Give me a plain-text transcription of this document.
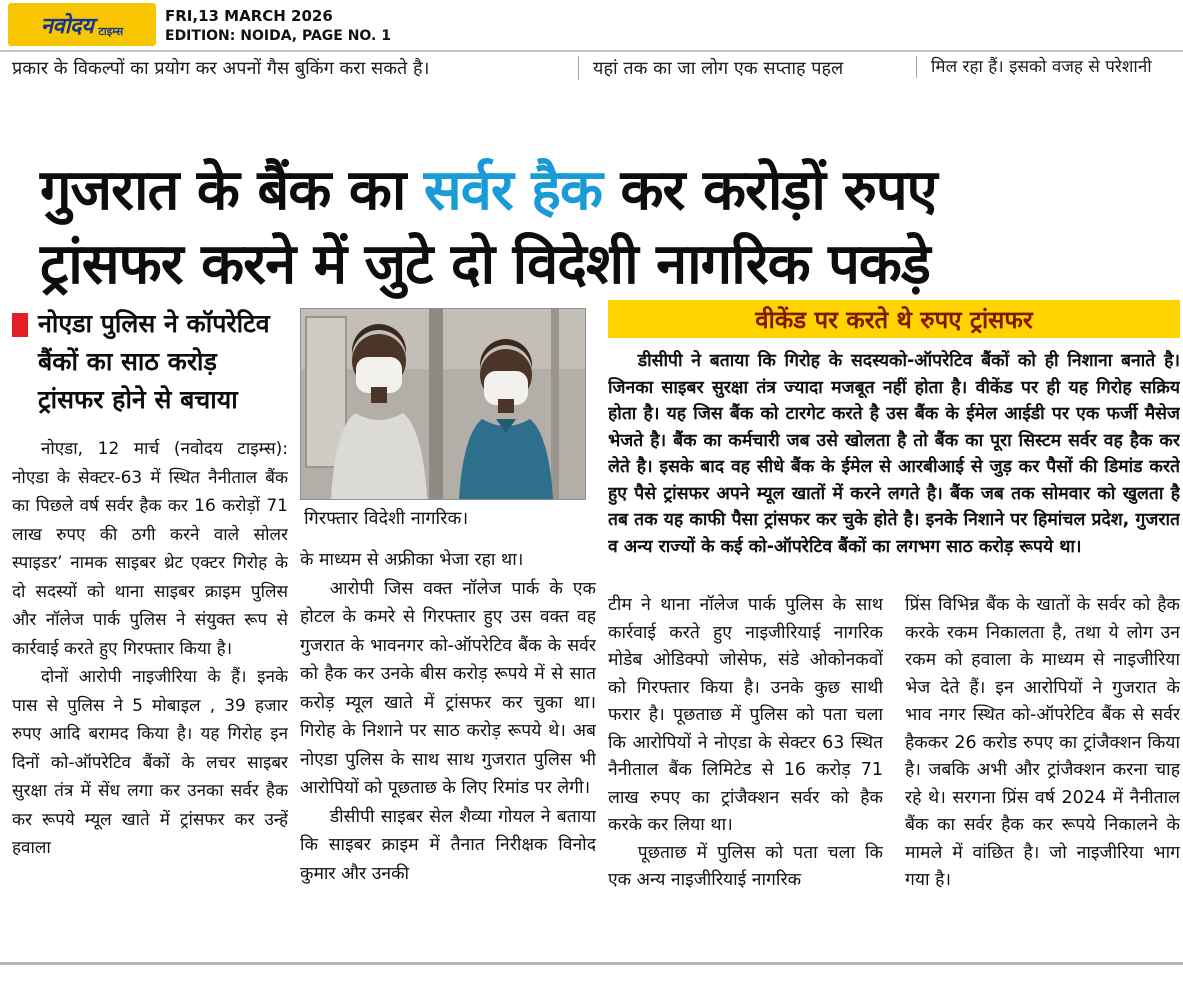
नवोदय टाइम्स
FRI,13 MARCH 2026
EDITION: NOIDA, PAGE NO. 1
प्रकार के विकल्पों का प्रयोग कर अपनों गैस बुकिंग करा सकते है।	यहां तक का जा लोग एक सप्ताह पहल	मिल रहा हैं। इसको वजह से परेशानी
गुजरात के बैंक का सर्वर हैक कर करोड़ों रुपए
ट्रांसफर करने में जुटे दो विदेशी नागरिक पकड़े
नोएडा पुलिस ने कॉपरेटिव बैंकों का साठ करोड़ ट्रांसफर होने से बचाया

नोएडा, 12 मार्च (नवोदय टाइम्स): नोएडा के सेक्टर-63 में स्थित नैनीताल बैंक का पिछले वर्ष सर्वर हैक कर 16 करोड़ों 71 लाख रुपए की ठगी करने वाले सोलर स्पाइडर’ नामक साइबर थ्रेट एक्टर गिरोह के दो सदस्यों को थाना साइबर क्राइम पुलिस और नॉलेज पार्क पुलिस ने संयुक्त रूप से कार्रवाई करते हुए गिरफ्तार किया है।

दोनों आरोपी नाइजीरिया के हैं। इनके पास से पुलिस ने 5 मोबाइल , 39 हजार रुपए आदि बरामद किया है। यह गिरोह इन दिनों को-ऑपरेटिव बैंकों के लचर साइबर सुरक्षा तंत्र में सेंध लगा कर उनका सर्वर हैक कर रूपये म्यूल खाते में ट्रांसफर कर उन्हें हवाला

गिरफ्तार विदेशी नागरिक।

के माध्यम से अफ्रीका भेजा रहा था।

आरोपी जिस वक्त नॉलेज पार्क के एक होटल के कमरे से गिरफ्तार हुए उस वक्त वह गुजरात के भावनगर को-ऑपरेटिव बैंक के सर्वर को हैक कर उनके बीस करोड़ रूपये में से सात करोड़ म्यूल खाते में ट्रांसफर कर चुका था। गिरोह के निशाने पर साठ करोड़ रूपये थे। अब नोएडा पुलिस के साथ साथ गुजरात पुलिस भी आरोपियों को पूछताछ के लिए रिमांड पर लेगी।

डीसीपी साइबर सेल शैव्या गोयल ने बताया कि साइबर क्राइम में तैनात निरीक्षक विनोद कुमार और उनकी

वीकेंड पर करते थे रुपए ट्रांसफर

डीसीपी ने बताया कि गिरोह के सदस्यको-ऑपरेटिव बैंकों को ही निशाना बनाते है। जिनका साइबर सुरक्षा तंत्र ज्यादा मजबूत नहीं होता है। वीकेंड पर ही यह गिरोह सक्रिय होता है। यह जिस बैंक को टारगेट करते है उस बैंक के ईमेल आईडी पर एक फर्जी मैसेज भेजते है। बैंक का कर्मचारी जब उसे खोलता है तो बैंक का पूरा सिस्टम सर्वर वह हैक कर लेते है। इसके बाद वह सीधे बैंक के ईमेल से आरबीआई से जुड़ कर पैसों की डिमांड करते हुए पैसे ट्रांसफर अपने म्यूल खातों में करने लगते है। बैंक जब तक सोमवार को खुलता है तब तक यह काफी पैसा ट्रांसफर कर चुके होते है। इनके निशाने पर हिमांचल प्रदेश, गुजरात व अन्य राज्यों के कई को-ऑपरेटिव बैंकों का लगभग साठ करोड़ रूपये था।

टीम ने थाना नॉलेज पार्क पुलिस के साथ कार्रवाई करते हुए नाइजीरियाई नागरिक मोडेब ओडिक्पो जोसेफ, संडे ओकोनकवों को गिरफ्तार किया है। उनके कुछ साथी फरार है। पूछताछ में पुलिस को पता चला कि आरोपियों ने नोएडा के सेक्टर 63 स्थित नैनीताल बैंक लिमिटेड से 16 करोड़ 71 लाख रुपए का ट्रांजैक्शन सर्वर को हैक करके कर लिया था।

पूछताछ में पुलिस को पता चला कि एक अन्य नाइजीरियाई नागरिक

प्रिंस विभिन्न बैंक के खातों के सर्वर को हैक करके रकम निकालता है, तथा ये लोग उन रकम को हवाला के माध्यम से नाइजीरिया भेज देते हैं। इन आरोपियों ने गुजरात के भाव नगर स्थित को-ऑपरेटिव बैंक से सर्वर हैककर 26 करोड रुपए का ट्रांजैक्शन किया है। जबकि अभी और ट्रांजैक्शन करना चाह रहे थे। सरगना प्रिंस वर्ष 2024 में नैनीताल बैंक का सर्वर हैक कर रूपये निकालने के मामले में वांछित है। जो नाइजीरिया भाग गया है।
